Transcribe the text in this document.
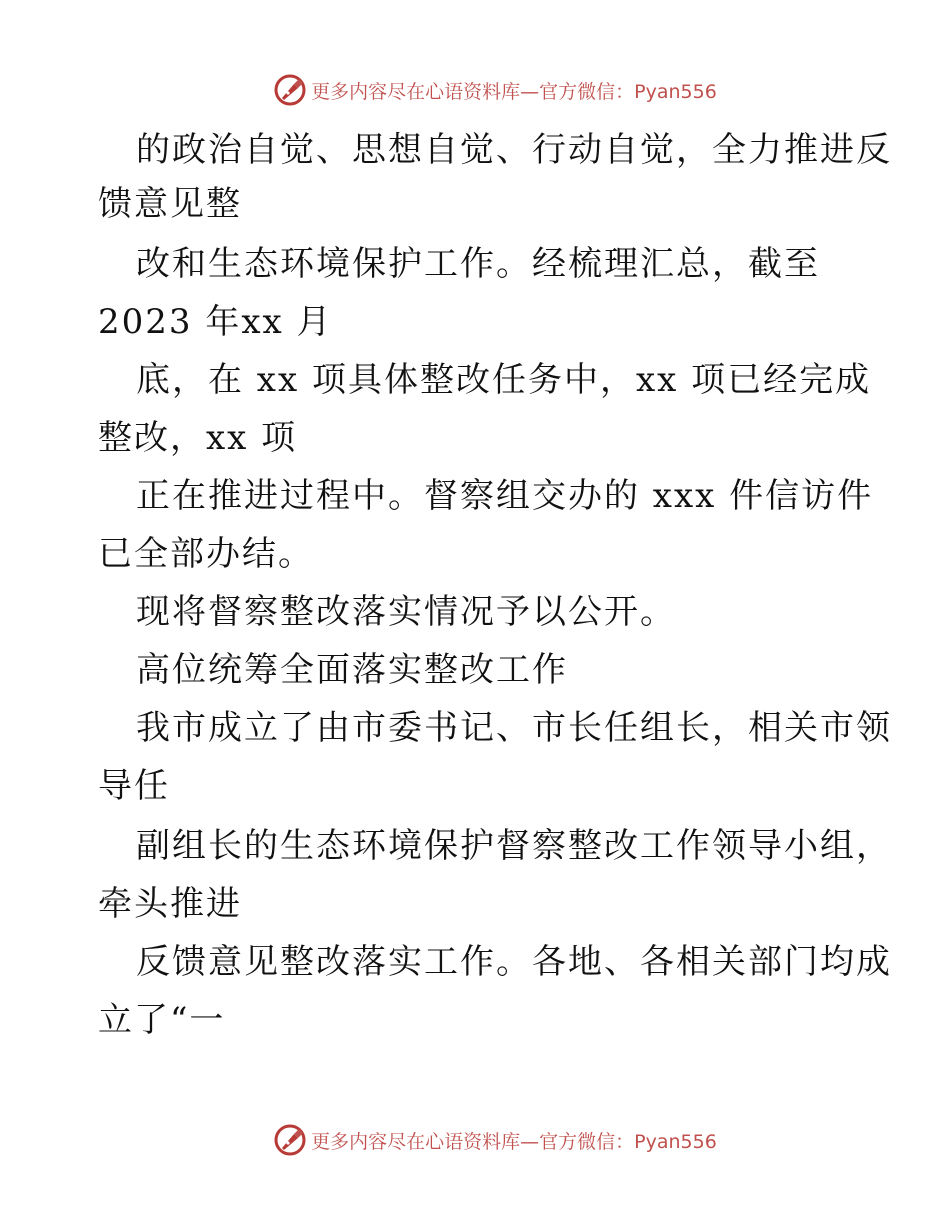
更多内容尽在心语资料库—官方微信：Pyan556
的政治自觉、思想自觉、行动自觉，全力推进反
馈意见整
改和生态环境保护工作。经梳理汇总，截至
2023 年xx 月
底，在 xx 项具体整改任务中，xx 项已经完成
整改，xx 项
正在推进过程中。督察组交办的 xxx 件信访件
已全部办结。
现将督察整改落实情况予以公开。
高位统筹全面落实整改工作
我市成立了由市委书记、市长任组长，相关市领
导任
副组长的生态环境保护督察整改工作领导小组，
牵头推进
反馈意见整改落实工作。各地、各相关部门均成
立了“一
更多内容尽在心语资料库—官方微信：Pyan556
